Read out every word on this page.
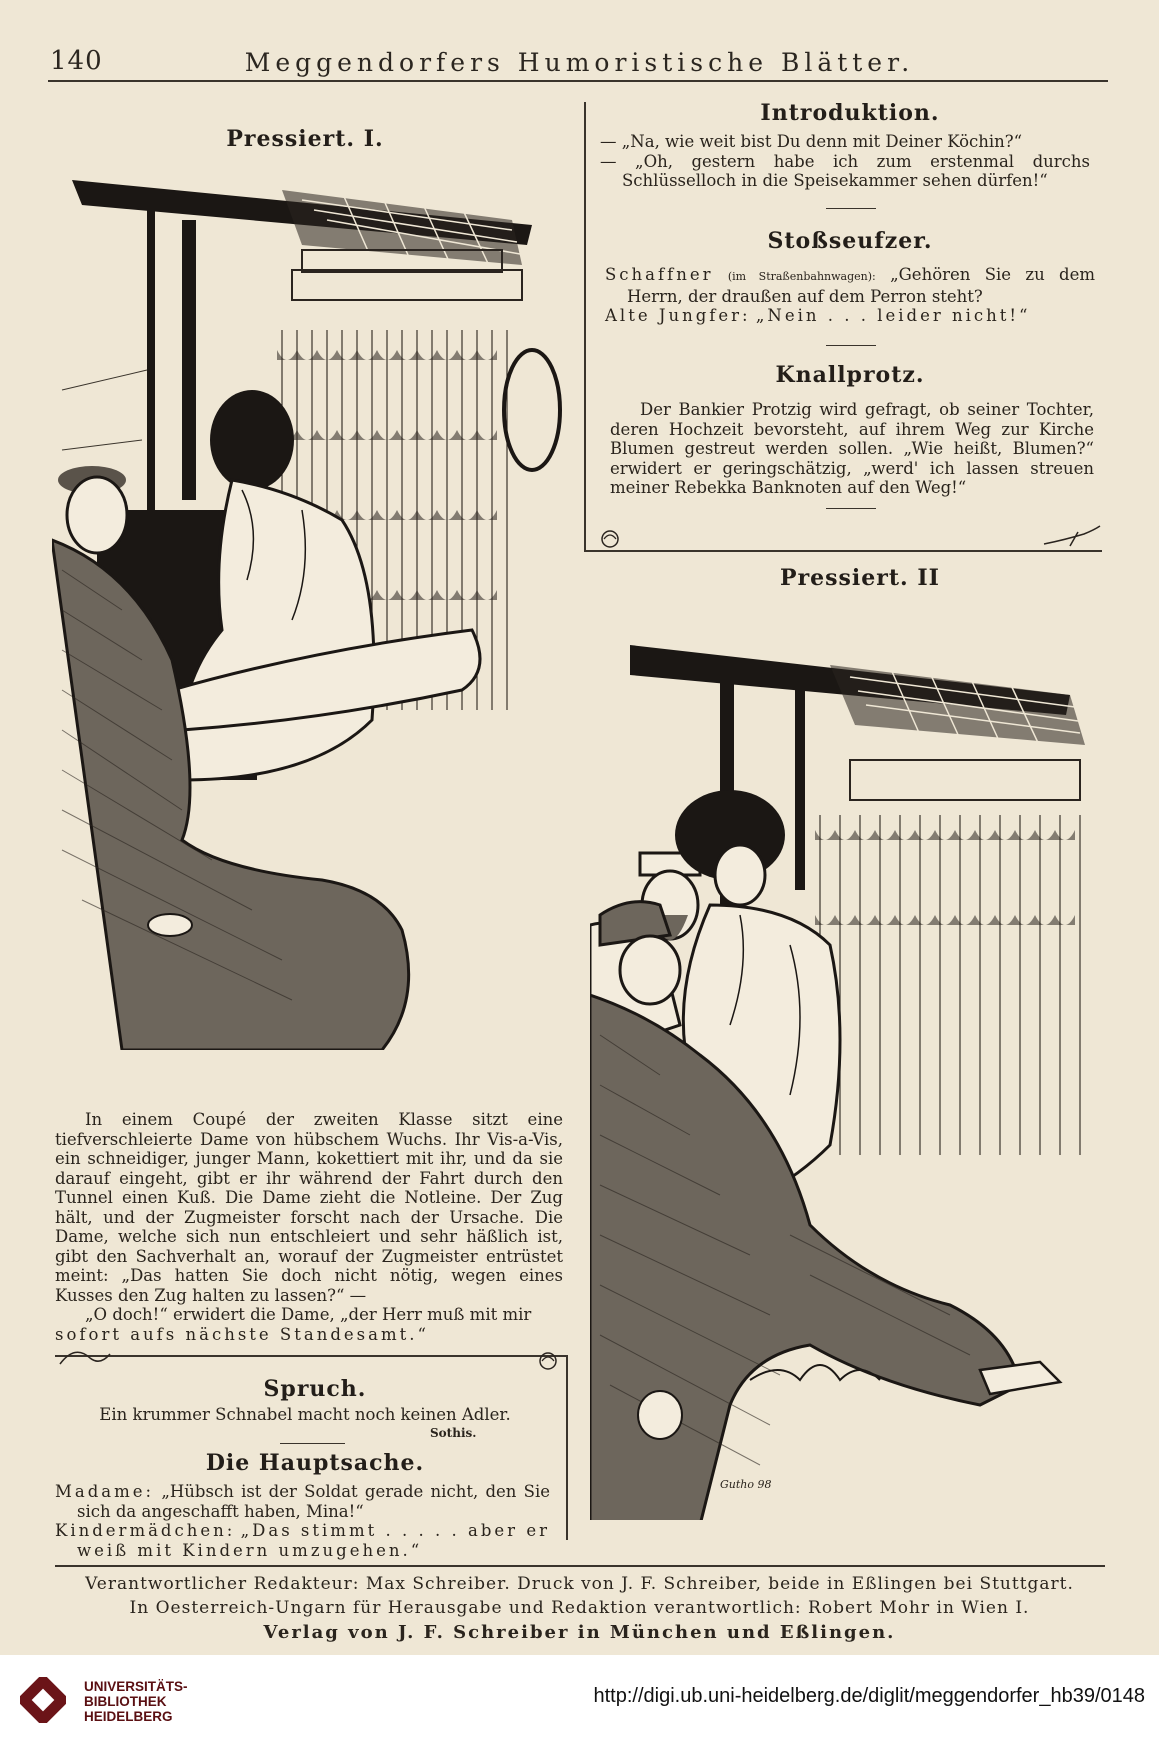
140	Meggendorfers Humoristische Blätter.
Pressiert. I.

In einem Coupé der zweiten Klasse sitzt eine tiefverschleierte Dame von hübschem Wuchs. Ihr Vis-a-Vis, ein schneidiger, junger Mann, kokettiert mit ihr, und da sie darauf eingeht, gibt er ihr während der Fahrt durch den Tunnel einen Kuß. Die Dame zieht die Notleine. Der Zug hält, und der Zugmeister forscht nach der Ursache. Die Dame, welche sich nun entschleiert und sehr häßlich ist, gibt den Sachverhalt an, worauf der Zugmeister entrüstet meint: „Das hatten Sie doch nicht nötig, wegen eines Kusses den Zug halten zu lassen?“ —

„O doch!“ erwidert die Dame, „der Herr muß mit mir

sofort aufs nächste Standesamt.“

Spruch.
Ein krummer Schnabel macht noch keinen Adler.
Sothis.
Die Hauptsache.

Madame: „Hübsch ist der Soldat gerade nicht, den Sie sich da angeschafft haben, Mina!“

Kindermädchen: „Das stimmt . . . . . aber er weiß mit Kindern umzugehen.“

Introduktion.

— „Na, wie weit bist Du denn mit Deiner Köchin?“

— „Oh, gestern habe ich zum erstenmal durchs Schlüsselloch in die Speisekammer sehen dürfen!“

Stoßseufzer.

Schaffner (im Straßenbahnwagen): „Gehören Sie zu dem Herrn, der draußen auf dem Perron steht?

Alte Jungfer: „Nein . . . leider nicht!“

Knallprotz.

Der Bankier Protzig wird gefragt, ob seiner Tochter, deren Hochzeit bevorsteht, auf ihrem Weg zur Kirche Blumen gestreut werden sollen. „Wie heißt, Blumen?“ erwidert er geringschätzig, „werd' ich lassen streuen meiner Rebekka Banknoten auf den Weg!“

Pressiert. II
Gutho 98
Verantwortlicher Redakteur: Max Schreiber. Druck von J. F. Schreiber, beide in Eßlingen bei Stuttgart.
In Oesterreich-Ungarn für Herausgabe und Redaktion verantwortlich: Robert Mohr in Wien I.
Verlag von J. F. Schreiber in München und Eßlingen.
UNIVERSITÄTS-
BIBLIOTHEK
HEIDELBERG
http://digi.ub.uni-heidelberg.de/diglit/meggendorfer_hb39/0148
